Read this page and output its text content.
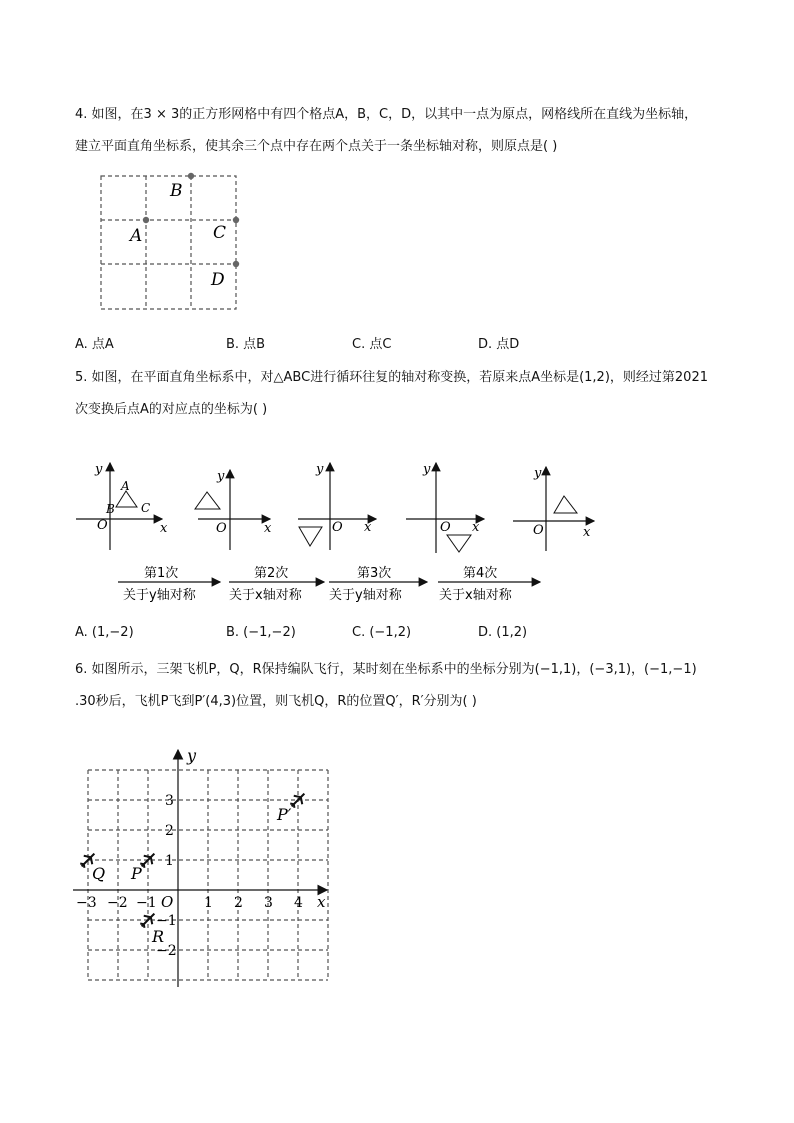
4. 如图，在3 × 3的正方形网格中有四个格点A，B，C，D，以其中一点为原点，网格线所在直线为坐标轴，
建立平面直角坐标系，使其余三个点中存在两个点关于一条坐标轴对称，则原点是( )
A
B
C
D
A. 点A	B. 点B	C. 点C	D. 点D
5. 如图，在平面直角坐标系中，对△ABC进行循环往复的轴对称变换，若原来点A坐标是(1,2)，则经过第2021
次变换后点A的对应点的坐标为( )
y
x
O
A
B C
y
x
O
y
x
O
y
x
O
y
x
O
第1次
关于y轴对称
第2次
关于x轴对称
第3次
关于y轴对称
第4次
关于x轴对称
A. (1,−2)	B. (−1,−2)	C. (−1,2)	D. (1,2)
6. 如图所示，三架飞机P，Q，R保持编队飞行，某时刻在坐标系中的坐标分别为(−1,1)，(−3,1)，(−1,−1)
.30秒后，飞机P飞到P′(4,3)位置，则飞机Q，R的位置Q′，R′分别为( )
y
x
O
−3 −2 −1	1 2 3 4
3
2
1
−1
−2
P
Q
R
P′
